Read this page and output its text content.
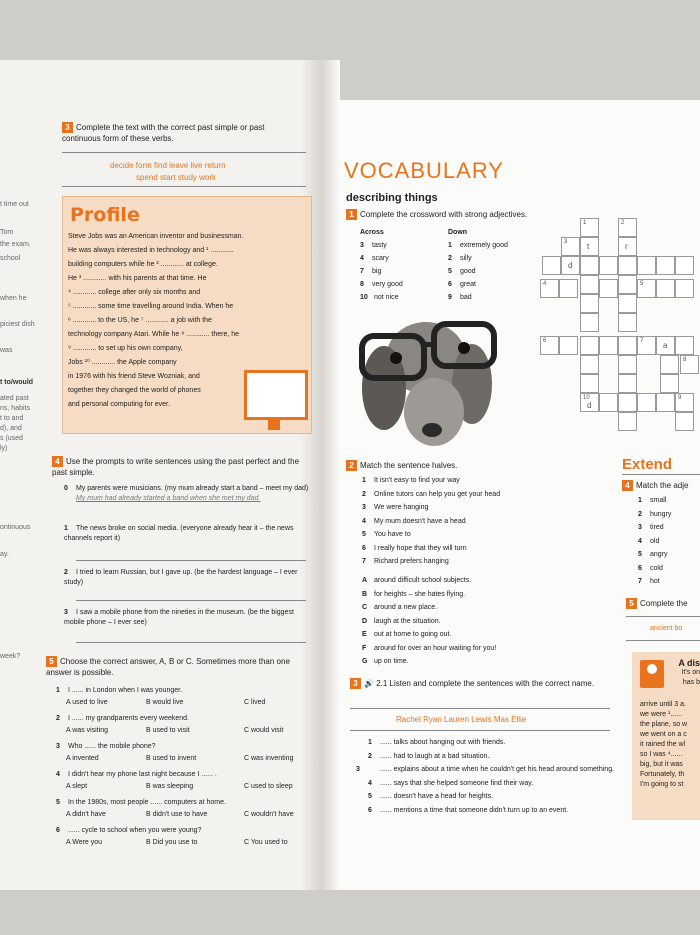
t time out
Tom
the exam.
school
when he
piciest dish
was
t to/would
ated past
ns, habits
t to and
d), and
s (used
ly)
ontinuous
ay.
week?
3 Complete the text with the correct past simple or past continuous form of these verbs.
decide form find leave live return
spend start study work
Profile
Steve Jobs was an American inventor and businessman.
He was always interested in technology and ¹ ............
building computers while he ² ............ at college.
He ³ ............ with his parents at that time. He
⁴ ............ college after only six months and
⁵ ............ some time travelling around India. When he
⁶ ............ to the US, he ⁷ ............ a job with the
technology company Atari. While he ⁸ ............ there, he
⁹ ............ to set up his own company,
Jobs ¹⁰ ............ the Apple company
in 1976 with his friend Steve Wozniak, and
together they changed the world of phones
and personal computing for ever.
4 Use the prompts to write sentences using the past perfect and the past simple.
0 My parents were musicians. (my mum already start a band – meet my dad)
My mum had already started a band when she met my dad.
1 The news broke on social media. (everyone already hear it – the news channels report it)
2 I tried to learn Russian, but I gave up. (be the hardest language – I ever study)
3 I saw a mobile phone from the nineties in the museum. (be the biggest mobile phone – I ever see)
5 Choose the correct answer, A, B or C. Sometimes more than one answer is possible.
1 I ...... in London when I was younger.
A used to live	B would live	C lived
2 I ...... my grandparents every weekend.
A was visiting	B used to visit	C would visit
3 Who ...... the mobile phone?
A invented	B used to invent	C was inventing
4 I didn't hear my phone last night because I ...... .
A slept	B was sleeping	C used to sleep
5 In the 1980s, most people ...... computers at home.
A didn't have	B didn't use to have	C wouldn't have
6 ...... cycle to school when you were young?
A Were you	B Did you use to	C You used to
VOCABULARY
describing things
1 Complete the crossword with strong adjectives.
Across
3 tasty
4 scary
7 big
8 very good
10 not nice
Down
1 extremely good
2 silly
5 good
6 great
9 bad
1	2
t	r
3
d
4	5
6	7 a
8
10
d
9
2 Match the sentence halves.
1 It isn't easy to find your way
2 Online tutors can help you get your head
3 We were hanging
4 My mum doesn't have a head
5 You have to
6 I really hope that they will turn
7 Richard prefers hanging
A around difficult school subjects.
B for heights – she hates flying.
C around a new place.
D laugh at the situation.
E out at home to going out.
F around for over an hour waiting for you!
G up on time.
3 🔊 2.1 Listen and complete the sentences with the correct name.
Rachel Ryan Lauren Lewis Max Ellie
1 ...... talks about hanging out with friends.
2 ...... had to laugh at a bad situation.
3	...... explains about a time when he couldn't get his head around something.
4 ...... says that she helped someone find their way.
5 ...... doesn't have a head for heights.
6 ...... mentions a time that someone didn't turn up to an event.
Extend
4 Match the adje
1 small
2 hungry
3 tired
4 old
5 angry
6 cold
7 hot
5 Complete the
ancient bo
A dis
It's on
has b
arrive until 3 a.
we were ¹......
the plane, so w
we went on a c
it rained the wl
so I was ⁴......
big, but it was
Fortunately, th
I'm going to st
